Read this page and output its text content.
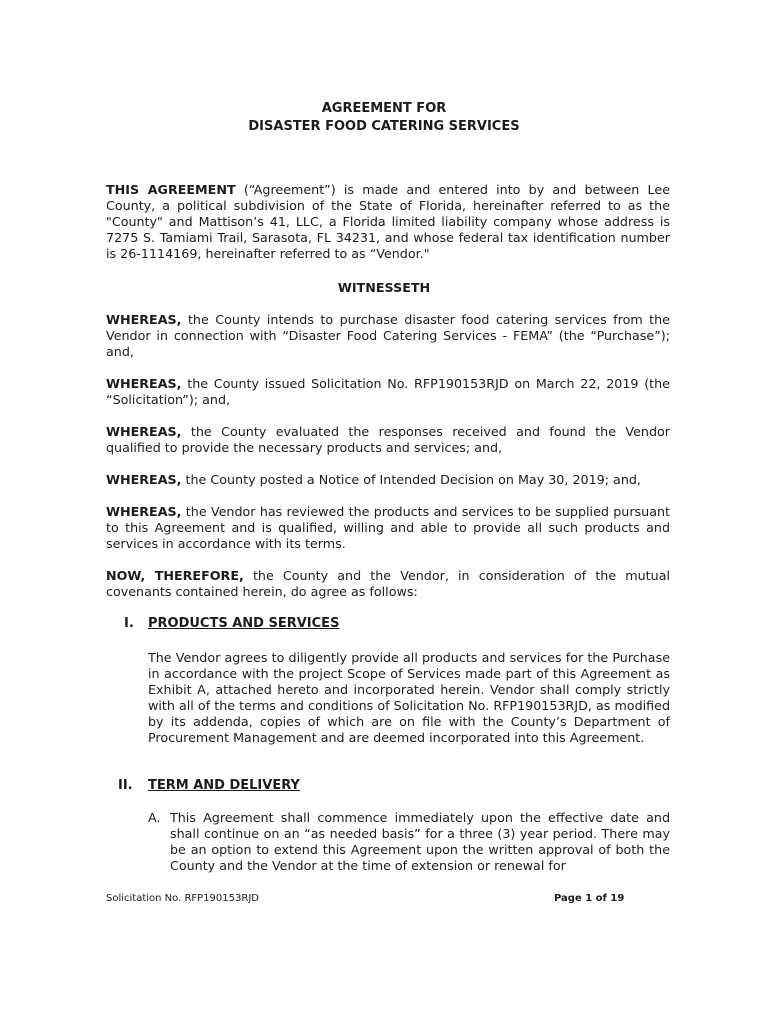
AGREEMENT FOR
DISASTER FOOD CATERING SERVICES
THIS AGREEMENT (“Agreement”) is made and entered into by and between Lee County, a political subdivision of the State of Florida, hereinafter referred to as the "County" and Mattison’s 41, LLC, a Florida limited liability company whose address is 7275 S. Tamiami Trail, Sarasota, FL 34231, and whose federal tax identification number is 26-1114169, hereinafter referred to as “Vendor."
WITNESSETH
WHEREAS, the County intends to purchase disaster food catering services from the Vendor in connection with “Disaster Food Catering Services - FEMA” (the “Purchase”); and,
WHEREAS, the County issued Solicitation No. RFP190153RJD on March 22, 2019 (the “Solicitation”); and,
WHEREAS, the County evaluated the responses received and found the Vendor qualified to provide the necessary products and services; and,
WHEREAS, the County posted a Notice of Intended Decision on May 30, 2019; and,
WHEREAS, the Vendor has reviewed the products and services to be supplied pursuant to this Agreement and is qualified, willing and able to provide all such products and services in accordance with its terms.
NOW, THEREFORE, the County and the Vendor, in consideration of the mutual covenants contained herein, do agree as follows:
I. PRODUCTS AND SERVICES
The Vendor agrees to diligently provide all products and services for the Purchase in accordance with the project Scope of Services made part of this Agreement as Exhibit A, attached hereto and incorporated herein. Vendor shall comply strictly with all of the terms and conditions of Solicitation No. RFP190153RJD, as modified by its addenda, copies of which are on file with the County’s Department of Procurement Management and are deemed incorporated into this Agreement.
II. TERM AND DELIVERY
A. This Agreement shall commence immediately upon the effective date and shall continue on an “as needed basis” for a three (3) year period. There may be an option to extend this Agreement upon the written approval of both the County and the Vendor at the time of extension or renewal for
Solicitation No. RFP190153RJD	Page 1 of 19
